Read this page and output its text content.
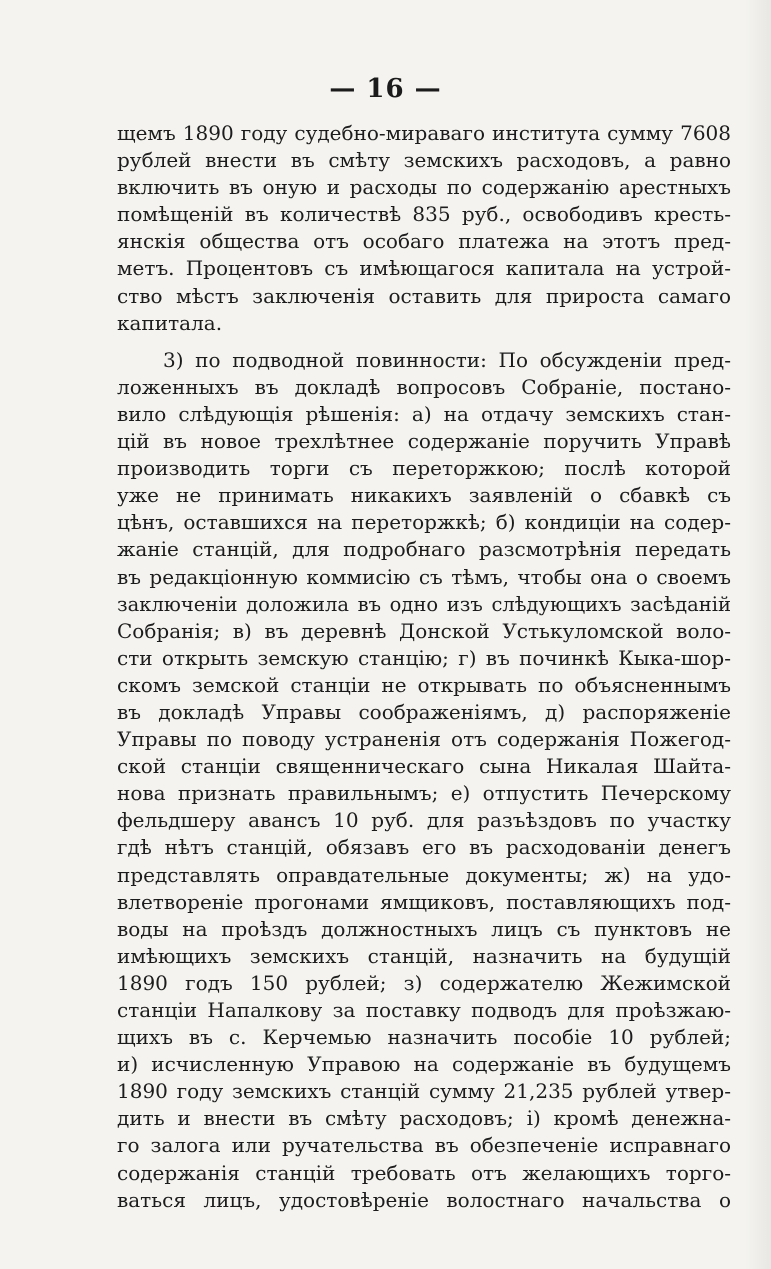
— 16 —
щемъ 1890 году судебно-мираваго института сумму 7608
рублей внести въ смѣту земскихъ расходовъ, а равно
включить въ оную и расходы по содержанію арестныхъ
помѣщеній въ количествѣ 835 руб., освободивъ кресть-
янскія общества отъ особаго платежа на этотъ пред-
метъ. Процентовъ съ имѣющагося капитала на устрой-
ство мѣстъ заключенія оставить для прироста самаго
капитала.
3) по подводной повинности: По обсужденіи пред-
ложенныхъ въ докладѣ вопросовъ Собраніе, постано-
вило слѣдующія рѣшенія: а) на отдачу земскихъ стан-
цій въ новое трехлѣтнее содержаніе поручить Управѣ
производить торги съ переторжкою; послѣ которой
уже не принимать никакихъ заявленій о сбавкѣ съ
цѣнъ, оставшихся на переторжкѣ; б) кондиціи на содер-
жаніе станцій, для подробнаго разсмотрѣнія передать
въ редакціонную коммисію съ тѣмъ, чтобы она о своемъ
заключеніи доложила въ одно изъ слѣдующихъ засѣданій
Собранія; в) въ деревнѣ Донской Устькуломской воло-
сти открыть земскую станцію; г) въ починкѣ Кыка-шор-
скомъ земской станціи не открывать по объясненнымъ
въ докладѣ Управы соображеніямъ, д) распоряженіе
Управы по поводу устраненія отъ содержанія Пожегод-
ской станціи священническаго сына Никалая Шайта-
нова признать правильнымъ; е) отпустить Печерскому
фельдшеру авансъ 10 руб. для разъѣздовъ по участку
гдѣ нѣтъ станцій, обязавъ его въ расходованіи денегъ
представлять оправдательные документы; ж) на удо-
влетвореніе прогонами ямщиковъ, поставляющихъ под-
воды на проѣздъ должностныхъ лицъ съ пунктовъ не
имѣющихъ земскихъ станцій, назначить на будущій
1890 годъ 150 рублей; з) содержателю Жежимской
станціи Напалкову за поставку подводъ для проѣзжаю-
щихъ въ с. Керчемью назначить пособіе 10 рублей;
и) исчисленную Управою на содержаніе въ будущемъ
1890 году земскихъ станцій сумму 21,235 рублей утвер-
дить и внести въ смѣту расходовъ; і) кромѣ денежна-
го залога или ручательства въ обезпеченіе исправнаго
содержанія станцій требовать отъ желающихъ торго-
ваться лицъ, удостовѣреніе волостнаго начальства о
